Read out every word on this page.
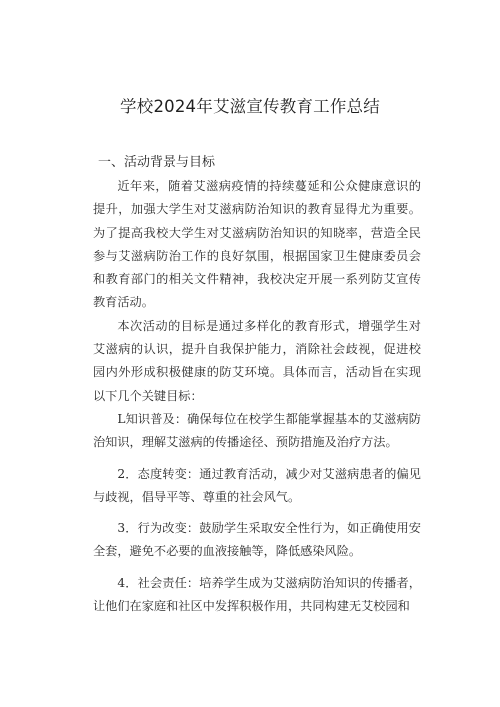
学校2024年艾滋宣传教育工作总结
一、活动背景与目标

近年来，随着艾滋病疫情的持续蔓延和公众健康意识的提升，加强大学生对艾滋病防治知识的教育显得尤为重要。为了提高我校大学生对艾滋病防治知识的知晓率，营造全民参与艾滋病防治工作的良好氛围，根据国家卫生健康委员会和教育部门的相关文件精神，我校决定开展一系列防艾宣传教育活动。

本次活动的目标是通过多样化的教育形式，增强学生对艾滋病的认识，提升自我保护能力，消除社会歧视，促进校园内外形成积极健康的防艾环境。具体而言，活动旨在实现以下几个关键目标：

L知识普及：确保每位在校学生都能掌握基本的艾滋病防治知识，理解艾滋病的传播途径、预防措施及治疗方法。

2．态度转变：通过教育活动，减少对艾滋病患者的偏见与歧视，倡导平等、尊重的社会风气。

3．行为改变：鼓励学生采取安全性行为，如正确使用安全套，避免不必要的血液接触等，降低感染风险。

4．社会责任：培养学生成为艾滋病防治知识的传播者，让他们在家庭和社区中发挥积极作用，共同构建无艾校园和
